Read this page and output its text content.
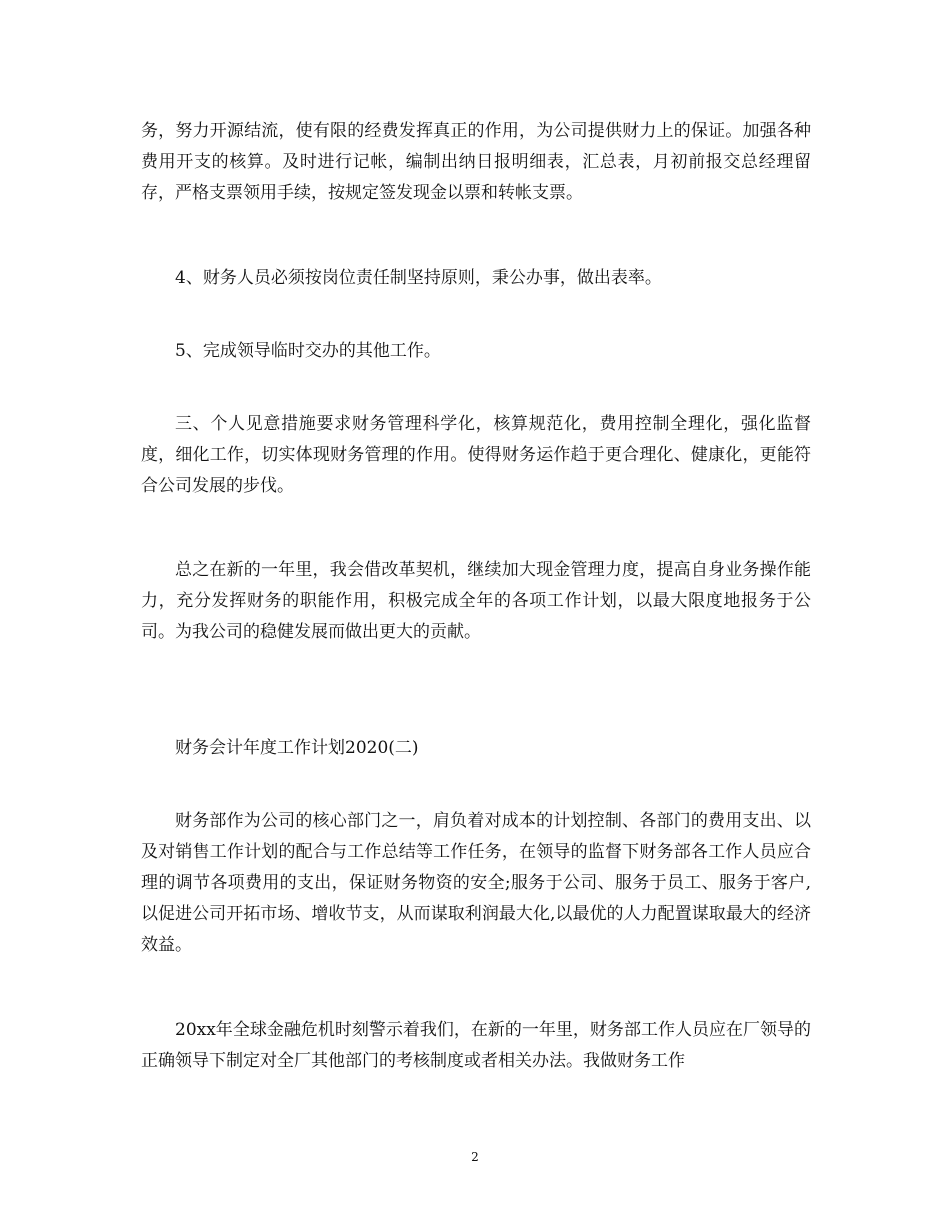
务，努力开源结流，使有限的经费发挥真正的作用，为公司提供财力上的保证。加强各种费用开支的核算。及时进行记帐，编制出纳日报明细表，汇总表，月初前报交总经理留存，严格支票领用手续，按规定签发现金以票和转帐支票。

4、财务人员必须按岗位责任制坚持原则，秉公办事，做出表率。

5、完成领导临时交办的其他工作。

三、个人见意措施要求财务管理科学化，核算规范化，费用控制全理化，强化监督度，细化工作，切实体现财务管理的作用。使得财务运作趋于更合理化、健康化，更能符合公司发展的步伐。

总之在新的一年里，我会借改革契机，继续加大现金管理力度，提高自身业务操作能力，充分发挥财务的职能作用，积极完成全年的各项工作计划，以最大限度地报务于公司。为我公司的稳健发展而做出更大的贡献。

财务会计年度工作计划2020(二)

财务部作为公司的核心部门之一，肩负着对成本的计划控制、各部门的费用支出、以及对销售工作计划的配合与工作总结等工作任务，在领导的监督下财务部各工作人员应合理的调节各项费用的支出，保证财务物资的安全;服务于公司、服务于员工、服务于客户,以促进公司开拓市场、增收节支，从而谋取利润最大化,以最优的人力配置谋取最大的经济效益。

20xx年全球金融危机时刻警示着我们，在新的一年里，财务部工作人员应在厂领导的正确领导下制定对全厂其他部门的考核制度或者相关办法。我做财务工作

2
